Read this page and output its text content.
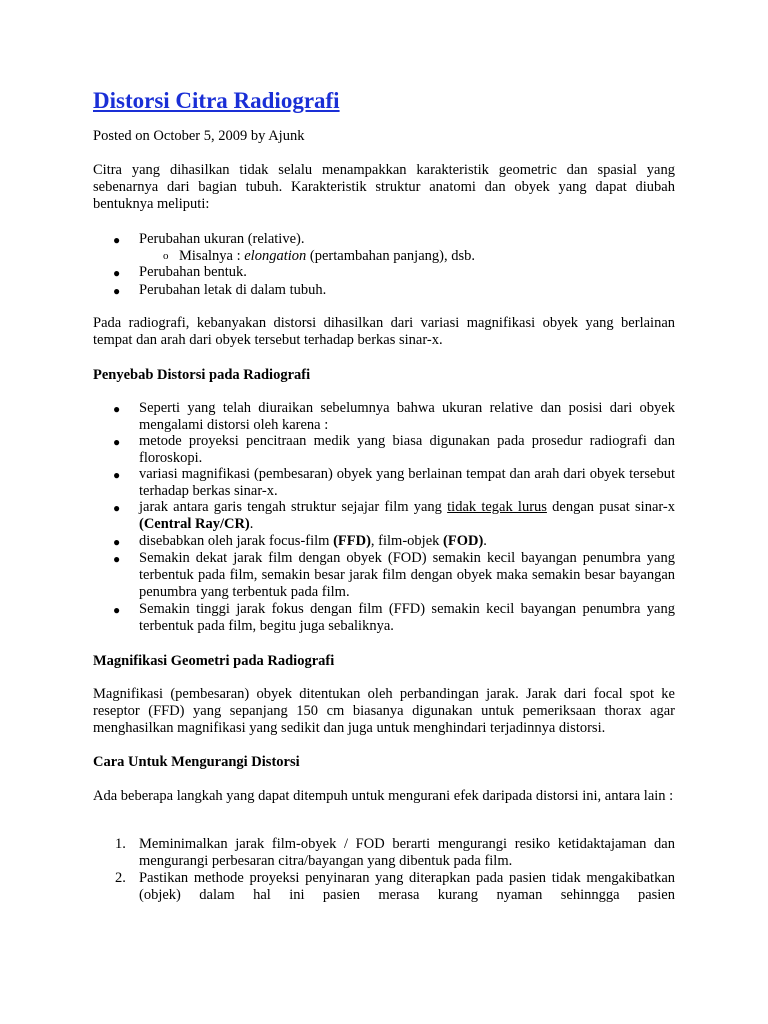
Distorsi Citra Radiografi

Posted on October 5, 2009 by Ajunk

Citra yang dihasilkan tidak selalu menampakkan karakteristik geometric dan spasial yang sebenarnya dari bagian tubuh. Karakteristik struktur anatomi dan obyek yang dapat diubah bentuknya meliputi:

● Perubahan ukuran (relative).

o Misalnya : elongation (pertambahan panjang), dsb.

● Perubahan bentuk.

● Perubahan letak di dalam tubuh.

Pada radiografi, kebanyakan distorsi dihasilkan dari variasi magnifikasi obyek yang berlainan tempat dan arah dari obyek tersebut terhadap berkas sinar-x.

Penyebab Distorsi pada Radiografi

● Seperti yang telah diuraikan sebelumnya bahwa ukuran relative dan posisi dari obyek mengalami distorsi oleh karena :

● metode proyeksi pencitraan medik yang biasa digunakan pada prosedur radiografi dan floroskopi.

● variasi magnifikasi (pembesaran) obyek yang berlainan tempat dan arah dari obyek tersebut terhadap berkas sinar-x.

● jarak antara garis tengah struktur sejajar film yang tidak tegak lurus dengan pusat sinar-x (Central Ray/CR).

● disebabkan oleh jarak focus-film (FFD), film-objek (FOD).

● Semakin dekat jarak film dengan obyek (FOD) semakin kecil bayangan penumbra yang terbentuk pada film, semakin besar jarak film dengan obyek maka semakin besar bayangan penumbra yang terbentuk pada film.

● Semakin tinggi jarak fokus dengan film (FFD) semakin kecil bayangan penumbra yang terbentuk pada film, begitu juga sebaliknya.

Magnifikasi Geometri pada Radiografi

Magnifikasi (pembesaran) obyek ditentukan oleh perbandingan jarak. Jarak dari focal spot ke reseptor (FFD) yang sepanjang 150 cm biasanya digunakan untuk pemeriksaan thorax agar menghasilkan magnifikasi yang sedikit dan juga untuk menghindari terjadinnya distorsi.

Cara Untuk Mengurangi Distorsi

Ada beberapa langkah yang dapat ditempuh untuk mengurani efek daripada distorsi ini, antara lain :

1. Meminimalkan jarak film-obyek / FOD berarti mengurangi resiko ketidaktajaman dan mengurangi perbesaran citra/bayangan yang dibentuk pada film.

2. Pastikan methode proyeksi penyinaran yang diterapkan pada pasien tidak mengakibatkan (objek) dalam hal ini pasien merasa kurang nyaman sehinngga pasien
